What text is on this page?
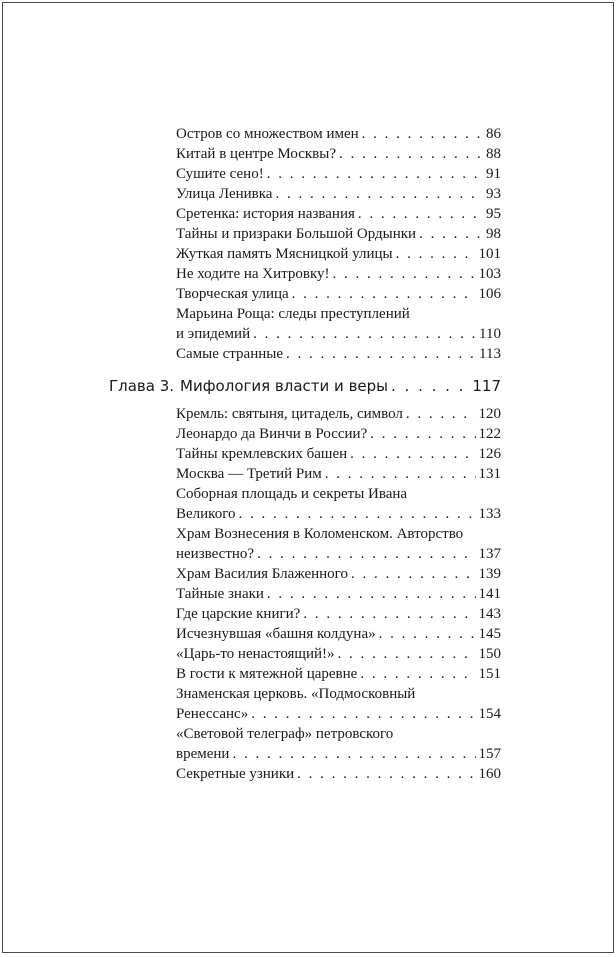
Остров со множеством имен . . .	86
Китай в центре Москвы? . . .	88
Сушите сено! . . .	91
Улица Ленивка . . .	93
Сретенка: история названия . . .	95
Тайны и призраки Большой Ордынки . . .	98
Жуткая память Мясницкой улицы . . .	101
Не ходите на Хитровку! . . .	103
Творческая улица . . .	106
Марьина Роща: следы преступлений
и эпидемий . . .	110
Самые странные . . .	113
Глава 3. Мифология власти и веры . . .	117
Кремль: святыня, цитадель, символ . . .	120
Леонардо да Винчи в России? . . .	122
Тайны кремлевских башен . . .	126
Москва — Третий Рим . . .	131
Соборная площадь и секреты Ивана
Великого . . .	133
Храм Вознесения в Коломенском. Авторство
неизвестно? . . .	137
Храм Василия Блаженного . . .	139
Тайные знаки . . .	141
Где царские книги? . . .	143
Исчезнувшая «башня колдуна» . . .	145
«Царь-то ненастоящий!» . . .	150
В гости к мятежной царевне . . .	151
Знаменская церковь. «Подмосковный
Ренессанс» . . .	154
«Световой телеграф» петровского
времени . . .	157
Секретные узники . . .	160
